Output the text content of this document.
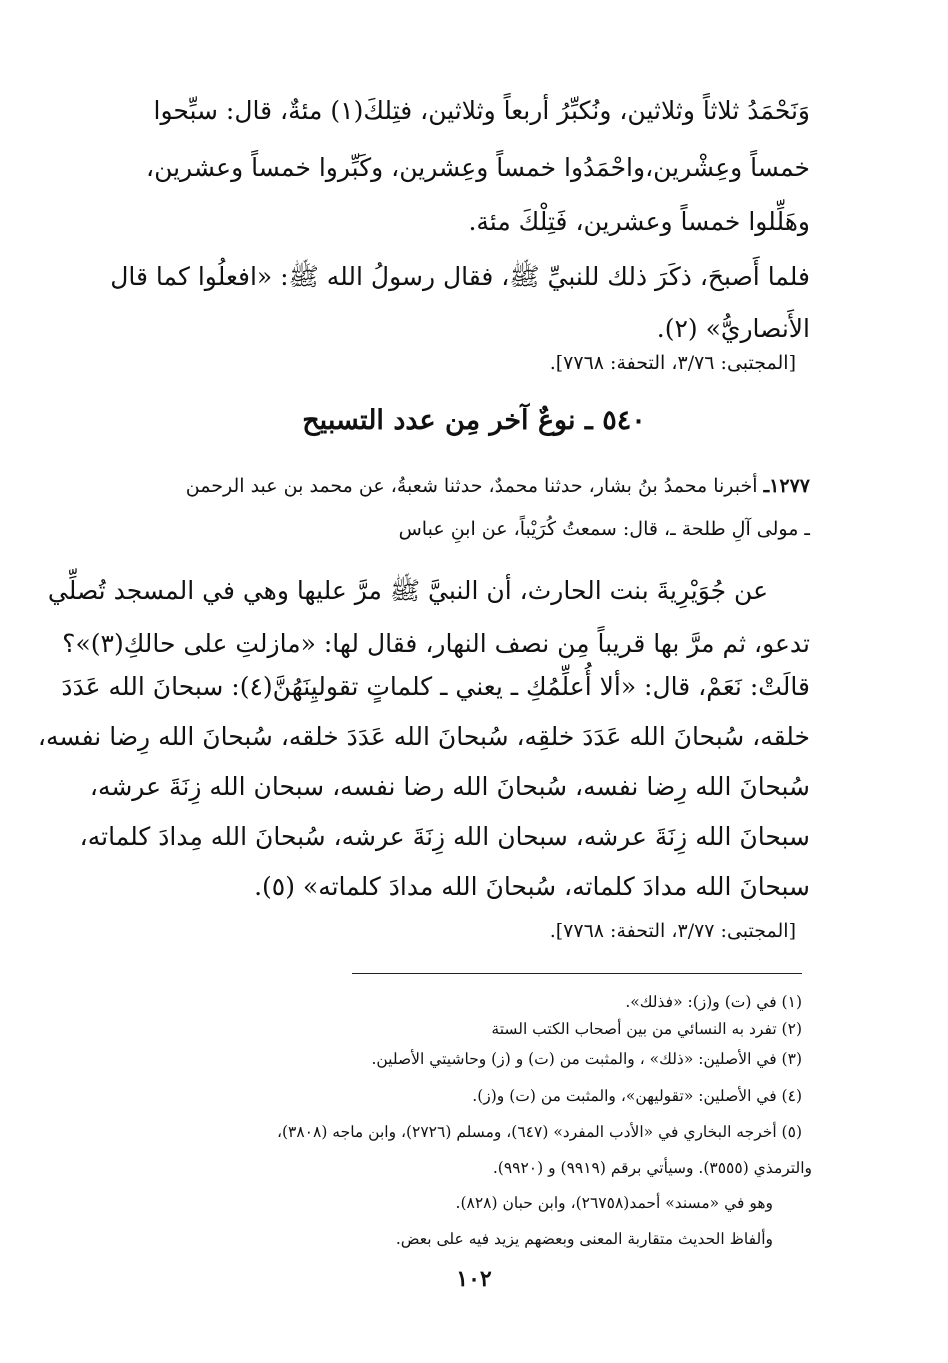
وَنَحْمَدُ ثلاثاً وثلاثين، ونُكبِّرُ أربعاً وثلاثين، فتِلكَ(١) مئةٌ، قال: سبِّحوا
خمساً وعِشْرين،واحْمَدُوا خمساً وعِشرين، وكَبِّروا خمساً وعشرين،
وهَلِّلوا خمساً وعشرين، فَتِلْكَ مئة.
فلما أَصبحَ، ذكَرَ ذلك للنبيِّ ﷺ، فقال رسولُ الله ﷺ: «افعلُوا كما قال
الأَنصاريُّ» (٢).
[المجتبى: ٣/٧٦، التحفة: ٧٧٦٨].
٥٤٠ ـ نوعٌ آخر مِن عدد التسبيح
١٢٧٧ـ أخبرنا محمدُ بنُ بشار، حدثنا محمدٌ، حدثنا شعبةُ، عن محمد بن عبد الرحمن
ـ مولى آلِ طلحة ـ، قال: سمعتُ كُرَيْباً، عن ابنِ عباس
عن جُوَيْرِيةَ بنت الحارث، أن النبيَّ ﷺ مرَّ عليها وهي في المسجد تُصلِّي
تدعو، ثم مرَّ بها قريباً مِن نصف النهار، فقال لها: «مازلتِ على حالكِ(٣)»؟
قالَتْ: نَعَمْ، قال: «ألا أُعلِّمُكِ ـ يعني ـ كلماتٍ تقوليِنَهُنَّ(٤): سبحانَ الله عَدَدَ
خلقه، سُبحانَ الله عَدَدَ خلقِه، سُبحانَ الله عَدَدَ خلقه، سُبحانَ الله رِضا نفسه،
سُبحانَ الله رِضا نفسه، سُبحانَ الله رضا نفسه، سبحان الله زِنَةَ عرشه،
سبحانَ الله زِنَةَ عرشه، سبحان الله زِنَةَ عرشه، سُبحانَ الله مِدادَ كلماته،
سبحانَ الله مدادَ كلماته، سُبحانَ الله مدادَ كلماته» (٥).
[المجتبى: ٣/٧٧، التحفة: ٧٧٦٨].
(١) في (ت) و(ز): «فذلك».
(٢) تفرد به النسائي من بين أصحاب الكتب الستة
(٣) في الأصلين: «ذلك» ، والمثبت من (ت) و (ز) وحاشيتي الأصلين.
(٤) في الأصلين: «تقوليهن»، والمثبت من (ت) و(ز).
(٥) أخرجه البخاري في «الأدب المفرد» (٦٤٧)، ومسلم (٢٧٢٦)، وابن ماجه (٣٨٠٨)،
والترمذي (٣٥٥٥). وسيأتي برقم (٩٩١٩) و (٩٩٢٠).
وهو في «مسند» أحمد(٢٦٧٥٨)، وابن حبان (٨٢٨).
وألفاظ الحديث متقاربة المعنى وبعضهم يزيد فيه على بعض.
١٠٢
